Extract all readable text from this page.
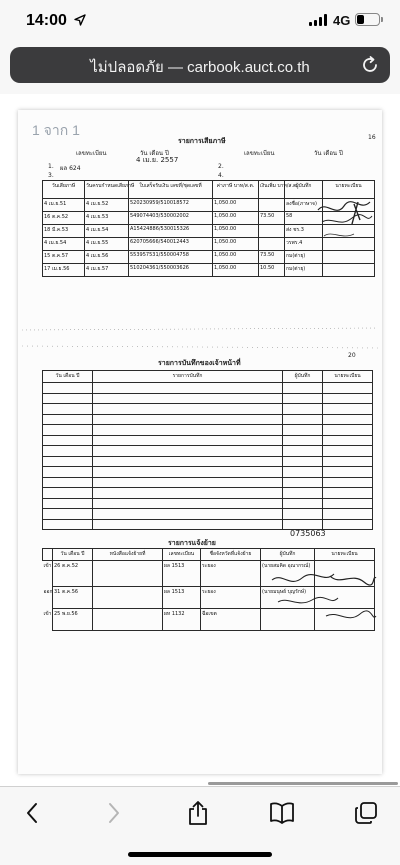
14:00	4G
ไม่ปลอดภัย — carbook.auct.co.th
1 จาก 1
รายการเสียภาษี	16
เลขทะเบียน	วัน เดือน ปี
4 เม.ย. 2557
เลขทะเบียน	วัน เดือน ปี
1. ผล 624	2.
3.	4.
วันเสียภาษี	วันครบกำหนดเสียภาษี	ใบเสร็จรับเงิน เลขที่/ชุดเลขที่	ค่าภาษี บาท/ส.ต.	เงินเพิ่ม บาท/ส.ต.	ผู้บันทึก	นายทะเบียน
4 เม.ย.51	4 เม.ย.52	520230959/510018572	1,050.00		ลงชื่อ(ภาษาจ)	
16 ต.ค.52	4 เม.ย.53	549074403/530002002	1,050.00	73.50	58	
18 มี.ค.53	4 เม.ย.54	A15424886/530015326	1,050.00		ส่ง ชร.3	
4 เม.ย.54	4 เม.ย.55	620705666/540012443	1,050.00		วรพร.4	
15 ต.ค.57	4 เม.ย.56	553957531/550004758	1,050.00	73.50	กม(ต่ายุ)	
17 เม.ย.56	4 เม.ย.57	510204361/550003626	1,050.00	10.50	กม(ต่ายุ)	
รายการบันทึกของเจ้าหน้าที่
20
วัน เดือน ปี	รายการบันทึก	ผู้บันทึก	นายทะเบียน

0735063
รายการแจ้งย้าย
	วัน เดือน ปี	หนังสือแจ้งย้ายที่	เลขทะเบียน	ชื่อจังหวัดที่แจ้งย้าย	ผู้บันทึก	นายทะเบียน
เข้า	26 ต.ค.52		ผล 1513	ระยอง	(นายสมคิด อุณากรณ์)	
ออก	31 ต.ค.56		ผล 1513	ระยอง	(นายมนุษย์ บุญรักษ์)	
เข้า	25 พ.ย.56		ผห 1132	ฉือเขต		
